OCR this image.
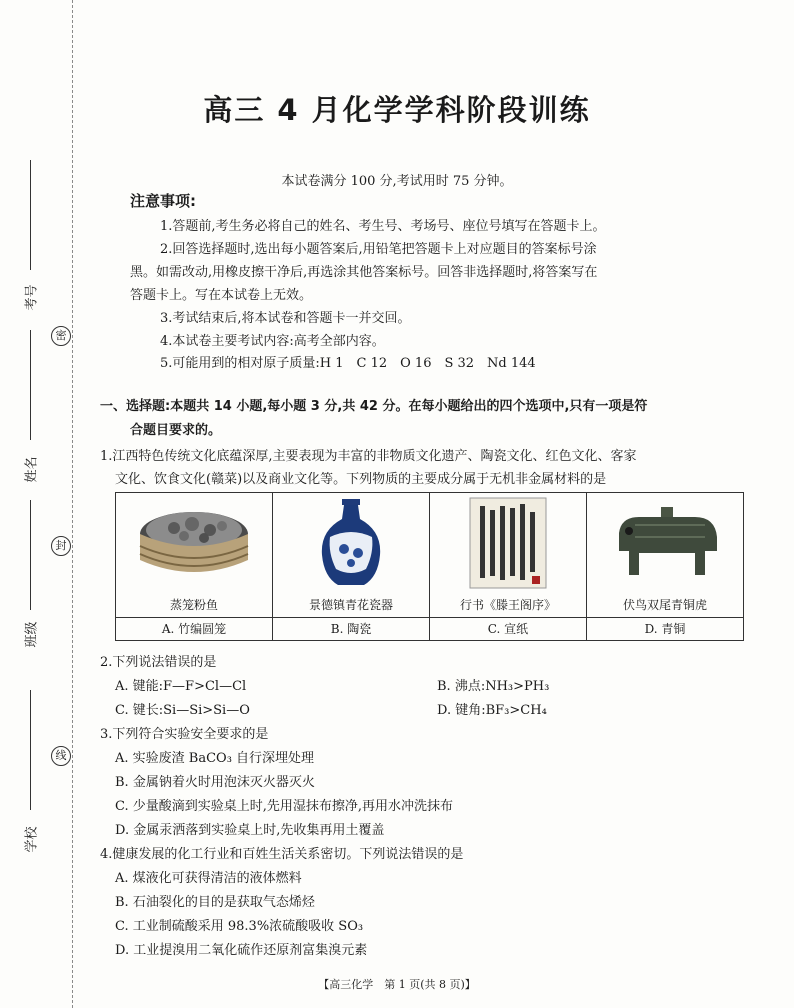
考号
姓名
班级
学校
密
封
线
高三 4 月化学学科阶段训练
本试卷满分 100 分,考试用时 75 分钟。
注意事项:
1.答题前,考生务必将自己的姓名、考生号、考场号、座位号填写在答题卡上。
2.回答选择题时,选出每小题答案后,用铅笔把答题卡上对应题目的答案标号涂
黑。如需改动,用橡皮擦干净后,再选涂其他答案标号。回答非选择题时,将答案写在
答题卡上。写在本试卷上无效。
3.考试结束后,将本试卷和答题卡一并交回。
4.本试卷主要考试内容:高考全部内容。
5.可能用到的相对原子质量:H 1　C 12　O 16　S 32　Nd 144
一、选择题:本题共 14 小题,每小题 3 分,共 42 分。在每小题给出的四个选项中,只有一项是符
合题目要求的。
1.江西特色传统文化底蕴深厚,主要表现为丰富的非物质文化遗产、陶瓷文化、红色文化、客家
文化、饮食文化(赣菜)以及商业文化等。下列物质的主要成分属于无机非金属材料的是
蒸笼粉鱼	景德镇青花瓷器	行书《滕王阁序》	伏鸟双尾青铜虎

A. 竹编圆笼	B. 陶瓷	C. 宣纸	D. 青铜
2.下列说法错误的是
A. 键能:F—F>Cl—Cl	B. 沸点:NH₃>PH₃
C. 键长:Si—Si>Si—O	D. 键角:BF₃>CH₄
3.下列符合实验安全要求的是
A. 实验废渣 BaCO₃ 自行深埋处理
B. 金属钠着火时用泡沫灭火器灭火
C. 少量酸滴到实验桌上时,先用湿抹布擦净,再用水冲洗抹布
D. 金属汞洒落到实验桌上时,先收集再用土覆盖
4.健康发展的化工行业和百姓生活关系密切。下列说法错误的是
A. 煤液化可获得清洁的液体燃料
B. 石油裂化的目的是获取气态烯烃
C. 工业制硫酸采用 98.3%浓硫酸吸收 SO₃
D. 工业提溴用二氧化硫作还原剂富集溴元素
【高三化学　第 1 页(共 8 页)】
